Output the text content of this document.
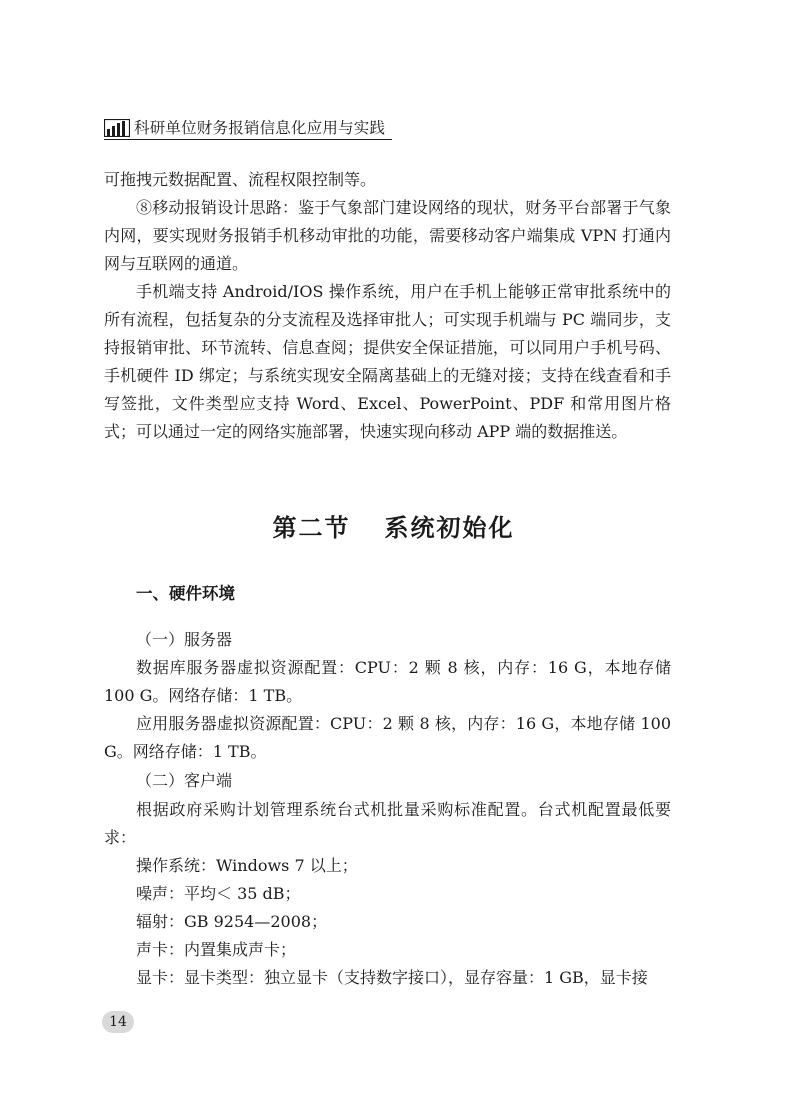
科研单位财务报销信息化应用与实践

可拖拽元数据配置、流程权限控制等。

⑧移动报销设计思路：鉴于气象部门建设网络的现状，财务平台部署于气象内网，要实现财务报销手机移动审批的功能，需要移动客户端集成 VPN 打通内网与互联网的通道。

手机端支持 Android/IOS 操作系统，用户在手机上能够正常审批系统中的所有流程，包括复杂的分支流程及选择审批人；可实现手机端与 PC 端同步，支持报销审批、环节流转、信息查阅；提供安全保证措施，可以同用户手机号码、手机硬件 ID 绑定；与系统实现安全隔离基础上的无缝对接；支持在线查看和手写签批，文件类型应支持 Word、Excel、PowerPoint、PDF 和常用图片格式；可以通过一定的网络实施部署，快速实现向移动 APP 端的数据推送。

第二节 系统初始化
一、硬件环境
（一）服务器

数据库服务器虚拟资源配置：CPU：2 颗 8 核，内存：16 G，本地存储 100 G。网络存储：1 TB。

应用服务器虚拟资源配置：CPU：2 颗 8 核，内存：16 G，本地存储 100 G。网络存储：1 TB。

（二）客户端

根据政府采购计划管理系统台式机批量采购标准配置。台式机配置最低要求：

操作系统：Windows 7 以上；
噪声：平均＜ 35 dB；
辐射：GB 9254—2008；
声卡：内置集成声卡；
显卡：显卡类型：独立显卡（支持数字接口），显存容量：1 GB，显卡接
14
